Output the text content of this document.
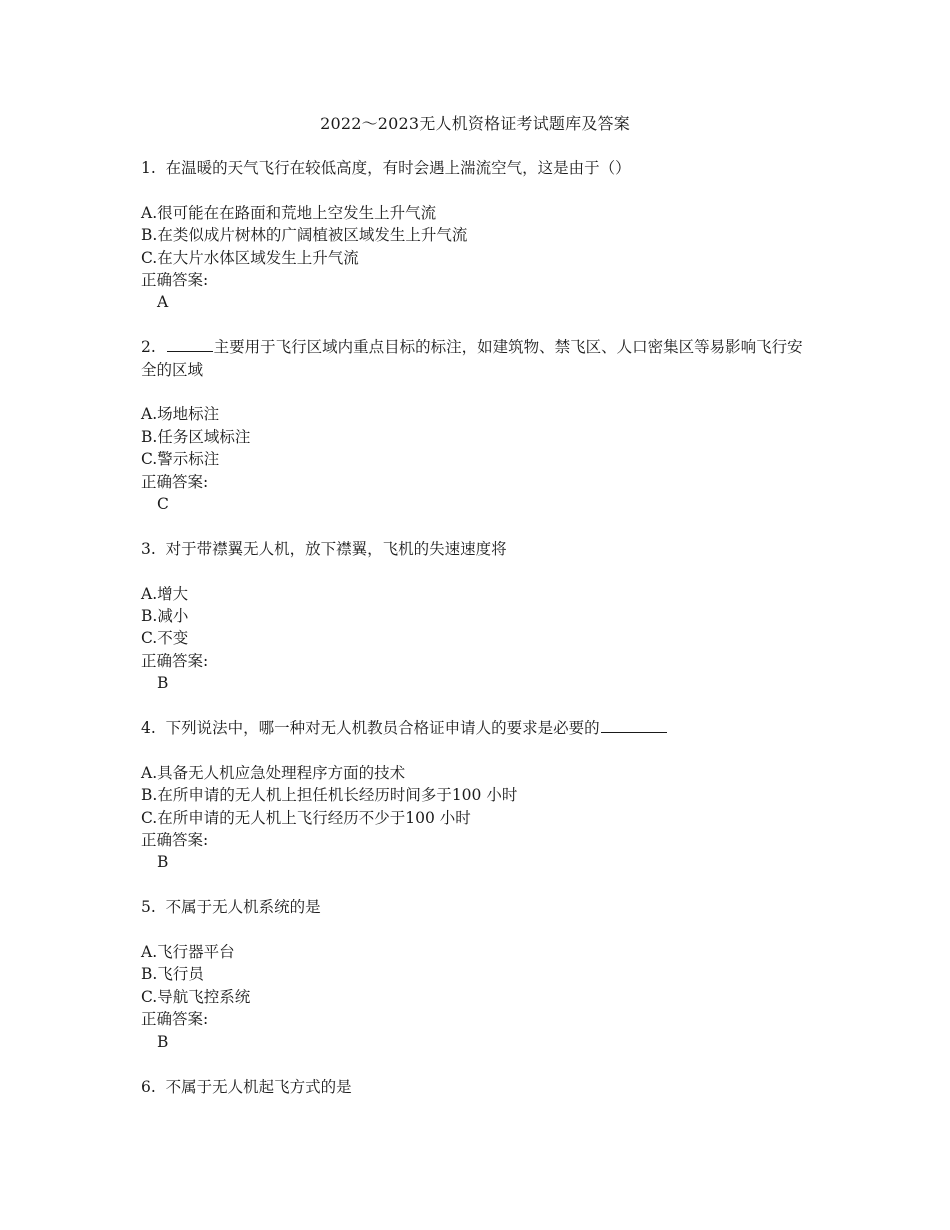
2022～2023无人机资格证考试题库及答案
1. 在温暖的天气飞行在较低高度，有时会遇上湍流空气，这是由于（）
A.很可能在在路面和荒地上空发生上升气流
B.在类似成片树林的广阔植被区域发生上升气流
C.在大片水体区域发生上升气流
正确答案:
A
2.	主要用于飞行区域内重点目标的标注，如建筑物、禁飞区、人口密集区等易影响飞行安全的区域
A.场地标注
B.任务区域标注
C.警示标注
正确答案:
C
3. 对于带襟翼无人机，放下襟翼，飞机的失速速度将
A.增大
B.减小
C.不变
正确答案:
B
4. 下列说法中，哪一种对无人机教员合格证申请人的要求是必要的
A.具备无人机应急处理程序方面的技术
B.在所申请的无人机上担任机长经历时间多于100 小时
C.在所申请的无人机上飞行经历不少于100 小时
正确答案:
B
5. 不属于无人机系统的是
A.飞行器平台
B.飞行员
C.导航飞控系统
正确答案:
B
6. 不属于无人机起飞方式的是
